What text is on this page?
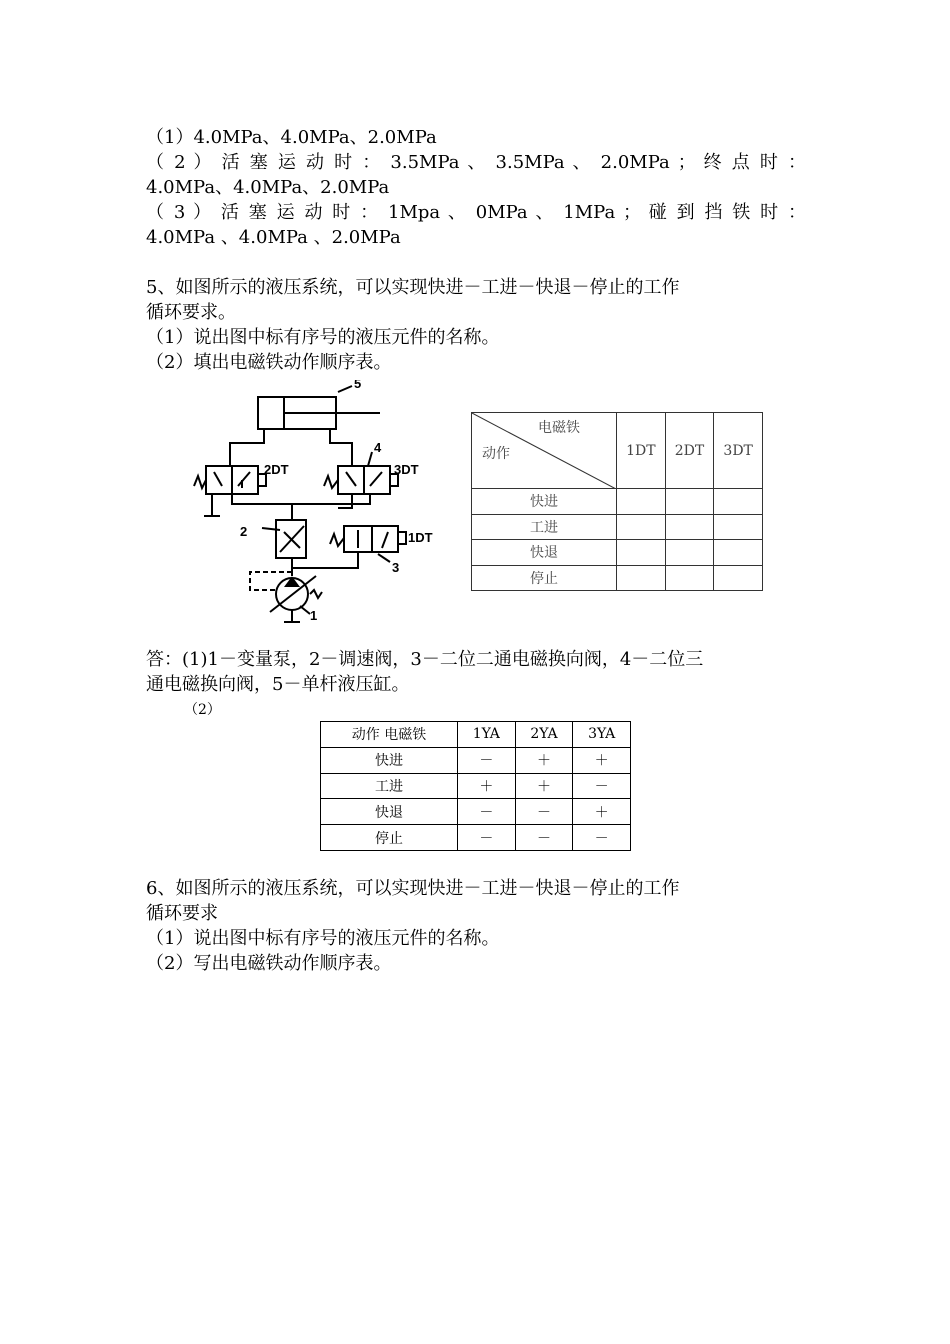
（1）4.0MPa、4.0MPa、2.0MPa
（ 2 ） 活 塞 运 动 时 ： 3.5MPa 、 3.5MPa 、 2.0MPa ； 终 点 时 ：
4.0MPa、4.0MPa、2.0MPa
（ 3 ） 活 塞 运 动 时 ： 1Mpa 、 0MPa 、 1MPa ； 碰 到 挡 铁 时 ：
4.0MPa 、4.0MPa 、2.0MPa
5、如图所示的液压系统，可以实现快进－工进－快退－停止的工作
循环要求。
（1）说出图中标有序号的液压元件的名称。
（2）填出电磁铁动作顺序表。
5
4
2
3
1
2DT	3DT
1DT
电磁铁
动作	1DT	2DT	3DT
快进			
工进			
快退			
停止			
答：(1)1－变量泵，2－调速阀，3－二位二通电磁换向阀，4－二位三
通电磁换向阀，5－单杆液压缸。
（2）
动作 电磁铁	1YA	2YA	3YA
快进	－	＋	＋
工进	＋	＋	－
快退	－	－	＋
停止	－	－	－
6、如图所示的液压系统，可以实现快进－工进－快退－停止的工作
循环要求
（1）说出图中标有序号的液压元件的名称。
（2）写出电磁铁动作顺序表。
